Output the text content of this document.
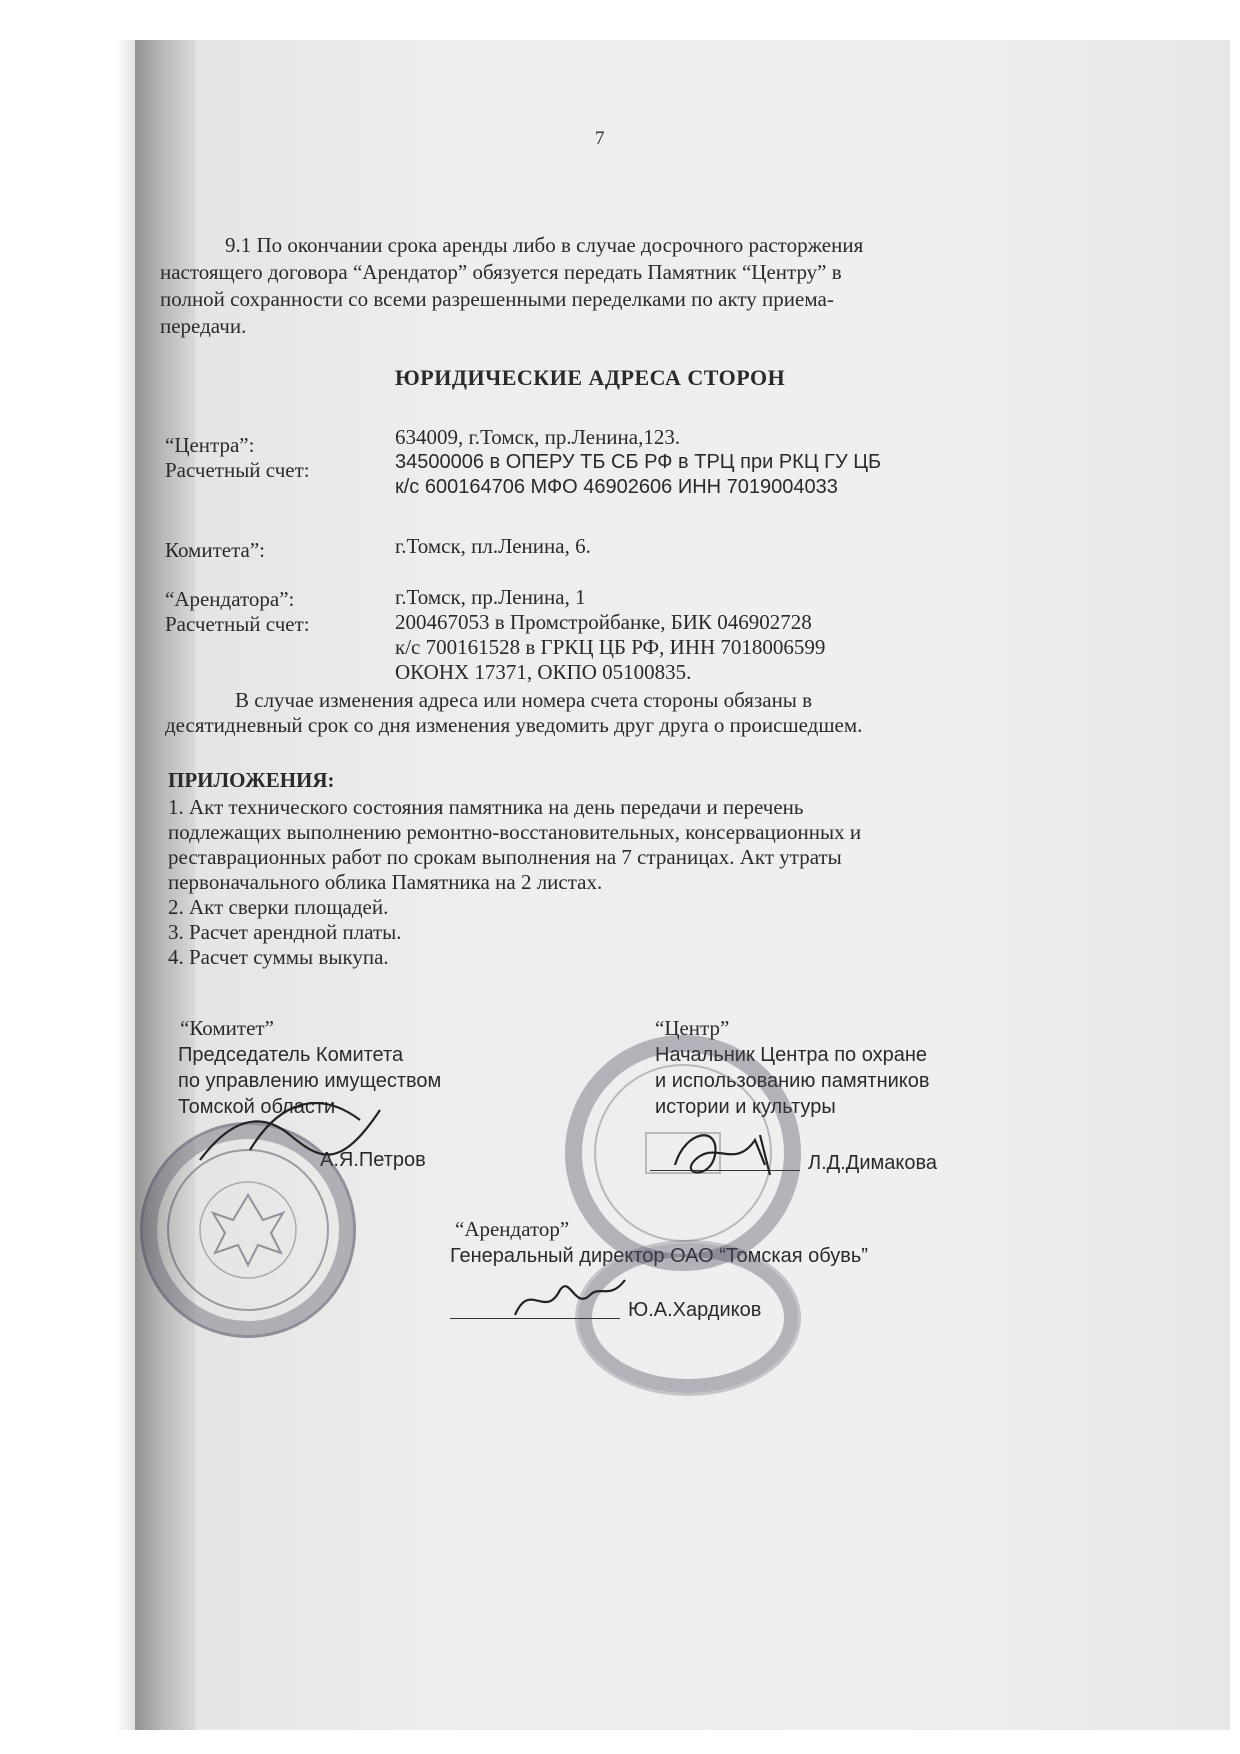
7
9.1 По окончании срока аренды либо в случае досрочного расторжения
настоящего договора “Арендатор” обязуется передать Памятник “Центру” в
полной сохранности со всеми разрешенными переделками по акту приема-
передачи.
ЮРИДИЧЕСКИЕ АДРЕСА СТОРОН
“Центра”:	634009, г.Томск, пр.Ленина,123.
Расчетный счет:	34500006 в ОПЕРУ ТБ СБ РФ в ТРЦ при РКЦ ГУ ЦБ
к/с 600164706 МФО 46902606 ИНН 7019004033
Комитета”:	г.Томск, пл.Ленина, 6.
“Арендатора”:	г.Томск, пр.Ленина, 1
Расчетный счет:	200467053 в Промстройбанке, БИК 046902728
к/с 700161528 в ГРКЦ ЦБ РФ, ИНН 7018006599
ОКОНХ 17371, ОКПО 05100835.
В случае изменения адреса или номера счета стороны обязаны в
десятидневный срок со дня изменения уведомить друг друга о происшедшем.
ПРИЛОЖЕНИЯ:
1. Акт технического состояния памятника на день передачи и перечень
подлежащих выполнению ремонтно-восстановительных, консервационных и
реставрационных работ по срокам выполнения на 7 страницах. Акт утраты
первоначального облика Памятника на 2 листах.
2. Акт сверки площадей.
3. Расчет арендной платы.
4. Расчет суммы выкупа.
“Комитет”
Председатель Комитета
по управлению имуществом
Томской области
А.Я.Петров
“Центр”
Начальник Центра по охране
и использованию памятников
истории и культуры
Л.Д.Димакова
“Арендатор”
Генеральный директор ОАО “Томская обувь”
Ю.А.Хардиков
